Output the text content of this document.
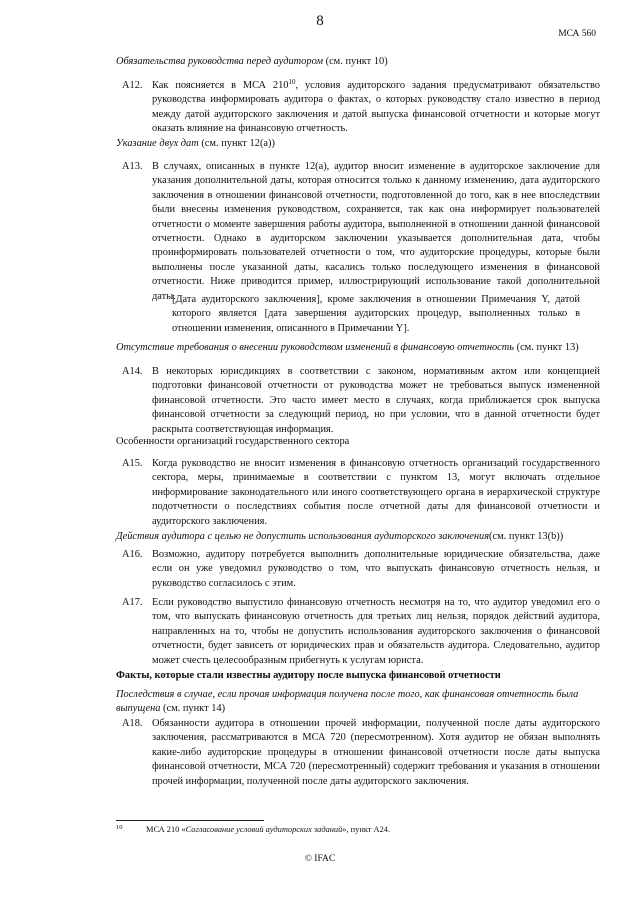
8
МСА 560

Обязательства руководства перед аудитором (см. пункт 10)

A12. Как поясняется в МСА $210^{10}$, условия аудиторского задания предусматривают обязательство руководства информировать аудитора о фактах, о которых руководству стало известно в период между датой аудиторского заключения и датой выпуска финансовой отчетности и которые могут оказать влияние на финансовую отчетность.

Указание двух дат (см. пункт 12(а))

A13. В случаях, описанных в пункте 12(а), аудитор вносит изменение в аудиторское заключение для указания дополнительной даты, которая относится только к данному изменению, дата аудиторского заключения в отношении финансовой отчетности, подготовленной до того, как в нее впоследствии были внесены изменения руководством, сохраняется, так как она информирует пользователей отчетности о моменте завершения работы аудитора, выполненной в отношении данной финансовой отчетности. Однако в аудиторском заключении указывается дополнительная дата, чтобы проинформировать пользователей отчетности о том, что аудиторские процедуры, которые были выполнены после указанной даты, касались только последующего изменения в финансовой отчетности. Ниже приводится пример, иллюстрирующий использование такой дополнительной даты.

[Дата аудиторского заключения], кроме заключения в отношении Примечания Y, датой которого является [дата завершения аудиторских процедур, выполненных только в отношении изменения, описанного в Примечании Y].

Отсутствие требования о внесении руководством изменений в финансовую отчетность (см. пункт 13)

A14. В некоторых юрисдикциях в соответствии с законом, нормативным актом или концепцией подготовки финансовой отчетности от руководства может не требоваться выпуск измененной финансовой отчетности. Это часто имеет место в случаях, когда приближается срок выпуска финансовой отчетности за следующий период, но при условии, что в данной отчетности будет раскрыта соответствующая информация.

Особенности организаций государственного сектора

A15. Когда руководство не вносит изменения в финансовую отчетность организаций государственного сектора, меры, принимаемые в соответствии с пунктом 13, могут включать отдельное информирование законодательного или иного соответствующего органа в иерархической структуре подотчетности о последствиях события после отчетной даты для финансовой отчетности и аудиторского заключения.

Действия аудитора с целью не допустить использования аудиторского заключения(см. пункт 13(b))

A16. Возможно, аудитору потребуется выполнить дополнительные юридические обязательства, даже если он уже уведомил руководство о том, что выпускать финансовую отчетность нельзя, и руководство согласилось с этим.
A17. Если руководство выпустило финансовую отчетность несмотря на то, что аудитор уведомил его о том, что выпускать финансовую отчетность для третьих лиц нельзя, порядок действий аудитора, направленных на то, чтобы не допустить использования аудиторского заключения о финансовой отчетности, будет зависеть от юридических прав и обязательств аудитора. Следовательно, аудитор может счесть целесообразным прибегнуть к услугам юриста.

Факты, которые стали известны аудитору после выпуска финансовой отчетности

Последствия в случае, если прочая информация получена после того, как финансовая отчетность была выпущена (см. пункт 14)

A18. Обязанности аудитора в отношении прочей информации, полученной после даты аудиторского заключения, рассматриваются в МСА 720 (пересмотренном). Хотя аудитор не обязан выполнять какие-либо аудиторские процедуры в отношении финансовой отчетности после даты выпуска финансовой отчетности, МСА 720 (пересмотренный) содержит требования и указания в отношении прочей информации, полученной после даты аудиторского заключения.
10	МСА 210 «Согласование условий аудиторских заданий», пункт A24.
© IFAC
